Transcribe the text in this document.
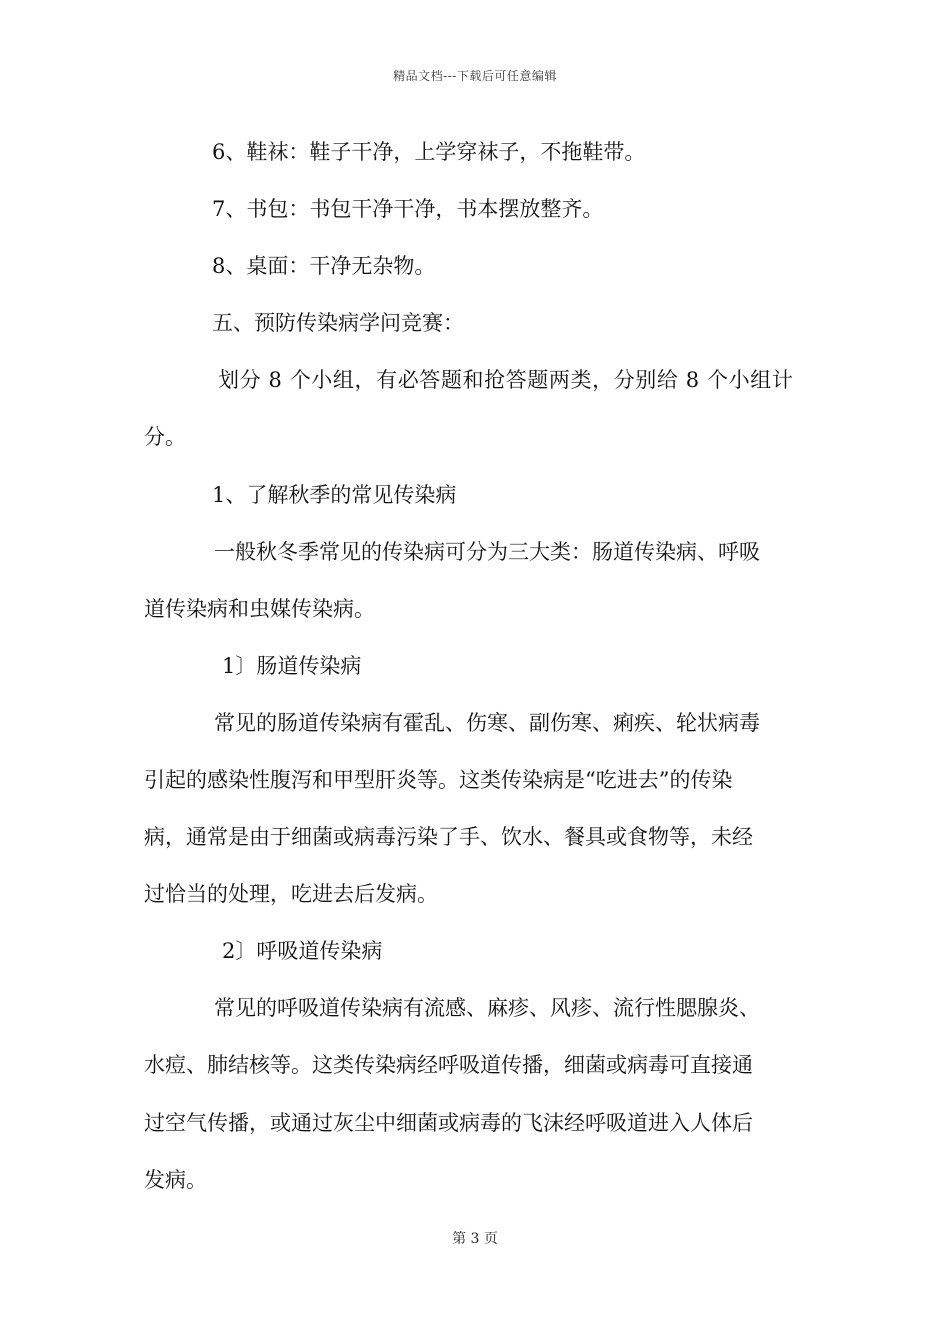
精品文档---下载后可任意编辑
6、鞋袜：鞋子干净，上学穿袜子，不拖鞋带。
7、书包：书包干净干净，书本摆放整齐。
8、桌面：干净无杂物。
五、预防传染病学问竞赛：
划分 8 个小组，有必答题和抢答题两类，分别给 8 个小组计
分。
1、了解秋季的常见传染病
一般秋冬季常见的传染病可分为三大类：肠道传染病、呼吸
道传染病和虫媒传染病。
1〕肠道传染病
常见的肠道传染病有霍乱、伤寒、副伤寒、痢疾、轮状病毒
引起的感染性腹泻和甲型肝炎等。这类传染病是“吃进去”的传染
病，通常是由于细菌或病毒污染了手、饮水、餐具或食物等，未经
过恰当的处理，吃进去后发病。
2〕呼吸道传染病
常见的呼吸道传染病有流感、麻疹、风疹、流行性腮腺炎、
水痘、肺结核等。这类传染病经呼吸道传播，细菌或病毒可直接通
过空气传播，或通过灰尘中细菌或病毒的飞沫经呼吸道进入人体后
发病。
第 3 页
